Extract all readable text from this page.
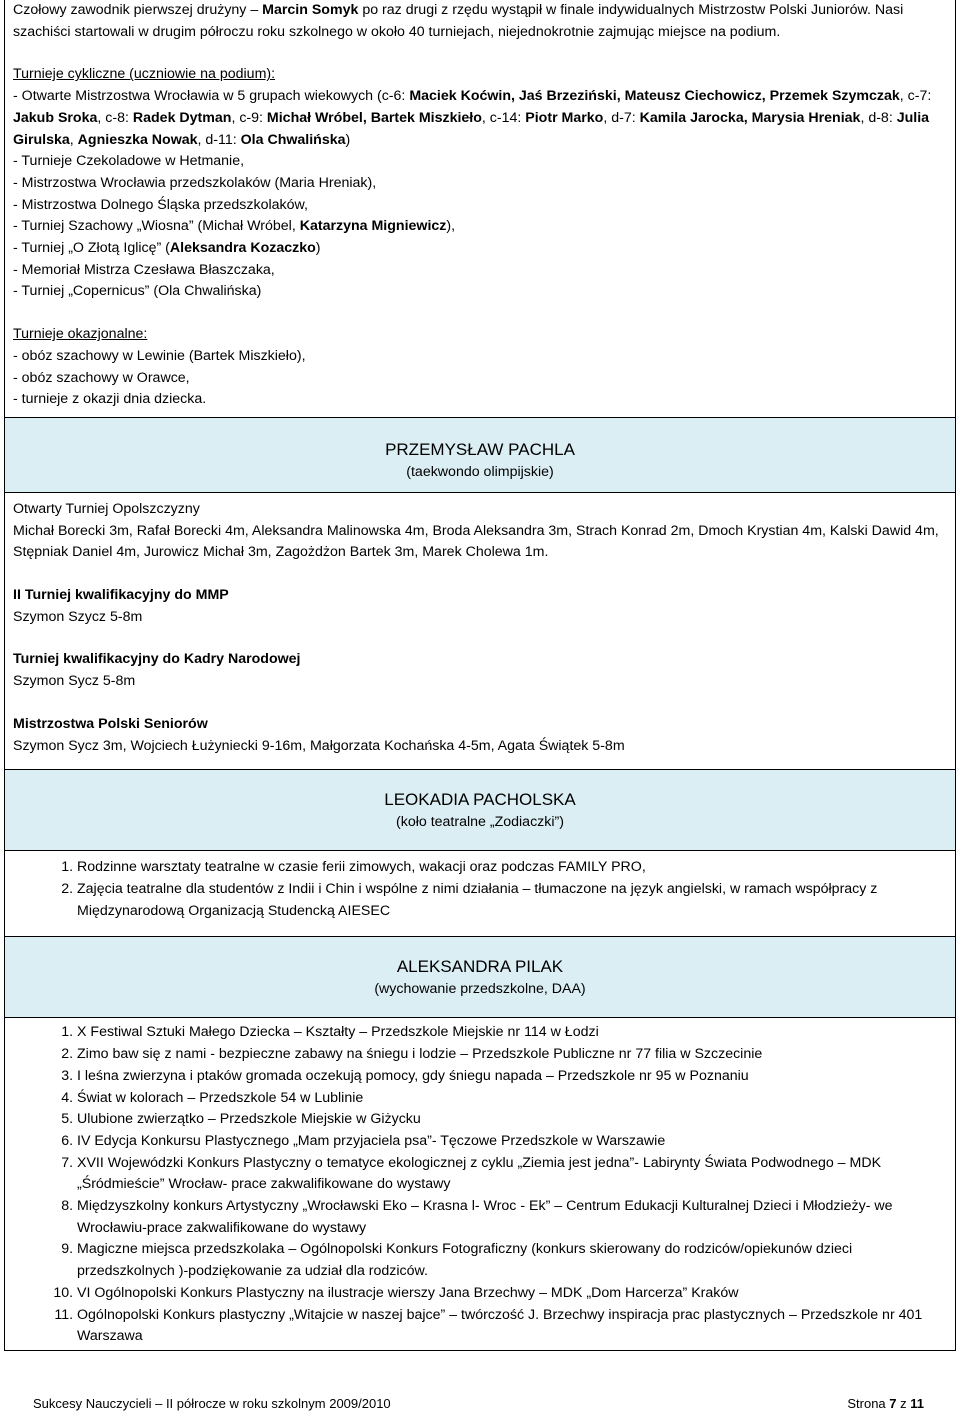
Czołowy zawodnik pierwszej drużyny – Marcin Somyk po raz drugi z rzędu wystąpił w finale indywidualnych Mistrzostw Polski Juniorów. Nasi szachiści startowali w drugim półroczu roku szkolnego w około 40 turniejach, niejednokrotnie zajmując miejsce na podium.

Turnieje cykliczne (uczniowie na podium):

- Otwarte Mistrzostwa Wrocławia w 5 grupach wiekowych (c-6: Maciek Koćwin, Jaś Brzeziński, Mateusz Ciechowicz, Przemek Szymczak, c-7: Jakub Sroka, c-8: Radek Dytman, c-9: Michał Wróbel, Bartek Miszkieło, c-14: Piotr Marko, d-7: Kamila Jarocka, Marysia Hreniak, d-8: Julia Girulska, Agnieszka Nowak, d-11: Ola Chwalińska)

- Turnieje Czekoladowe w Hetmanie,

- Mistrzostwa Wrocławia przedszkolaków (Maria Hreniak),

- Mistrzostwa Dolnego Śląska przedszkolaków,

- Turniej Szachowy „Wiosna” (Michał Wróbel, Katarzyna Migniewicz),

- Turniej „O Złotą Iglicę” (Aleksandra Kozaczko)

- Memoriał Mistrza Czesława Błaszczaka,

- Turniej „Copernicus” (Ola Chwalińska)

Turnieje okazjonalne:

- obóz szachowy w Lewinie (Bartek Miszkieło),

- obóz szachowy w Orawce,

- turnieje z okazji dnia dziecka.

PRZEMYSŁAW PACHLA
(taekwondo olimpijskie)

Otwarty Turniej Opolszczyzny

Michał Borecki 3m, Rafał Borecki 4m, Aleksandra Malinowska 4m, Broda Aleksandra 3m, Strach Konrad 2m, Dmoch Krystian 4m, Kalski Dawid 4m, Stępniak Daniel 4m, Jurowicz Michał 3m, Zagożdżon Bartek 3m, Marek Cholewa 1m.

II Turniej kwalifikacyjny do MMP

Szymon Szycz 5-8m

Turniej kwalifikacyjny do Kadry Narodowej

Szymon Sycz 5-8m

Mistrzostwa Polski Seniorów

Szymon Sycz 3m, Wojciech Łużyniecki 9-16m, Małgorzata Kochańska 4-5m, Agata Świątek 5-8m

LEOKADIA PACHOLSKA
(koło teatralne „Zodiaczki”)
1. Rodzinne warsztaty teatralne w czasie ferii zimowych, wakacji oraz podczas FAMILY PRO,
2. Zajęcia teatralne dla studentów z Indii i Chin i wspólne z nimi działania – tłumaczone na język angielski, w ramach współpracy z Międzynarodową Organizacją Studencką AIESEC
ALEKSANDRA PILAK
(wychowanie przedszkolne, DAA)
1. X Festiwal Sztuki Małego Dziecka – Kształty – Przedszkole Miejskie nr 114 w Łodzi
2. Zimo baw się z nami - bezpieczne zabawy na śniegu i lodzie – Przedszkole Publiczne nr 77 filia w Szczecinie
3. I leśna zwierzyna i ptaków gromada oczekują pomocy, gdy śniegu napada – Przedszkole nr 95 w Poznaniu
4. Świat w kolorach – Przedszkole 54 w Lublinie
5. Ulubione zwierzątko – Przedszkole Miejskie w Giżycku
6. IV Edycja Konkursu Plastycznego „Mam przyjaciela psa”- Tęczowe Przedszkole w Warszawie
7. XVII Wojewódzki Konkurs Plastyczny o tematyce ekologicznej z cyklu „Ziemia jest jedna”- Labirynty Świata Podwodnego – MDK „Śródmieście” Wrocław- prace zakwalifikowane do wystawy
8. Międzyszkolny konkurs Artystyczny „Wrocławski Eko – Krasna l- Wroc - Ek” – Centrum Edukacji Kulturalnej Dzieci i Młodzieży- we Wrocławiu-prace zakwalifikowane do wystawy
9. Magiczne miejsca przedszkolaka – Ogólnopolski Konkurs Fotograficzny (konkurs skierowany do rodziców/opiekunów dzieci przedszkolnych )-podziękowanie za udział dla rodziców.
10. VI Ogólnopolski Konkurs Plastyczny na ilustracje wierszy Jana Brzechwy – MDK „Dom Harcerza” Kraków
11. Ogólnopolski Konkurs plastyczny „Witajcie w naszej bajce” – twórczość J. Brzechwy inspiracja prac plastycznych – Przedszkole nr 401 Warszawa
Sukcesy Nauczycieli – II półrocze w roku szkolnym 2009/2010	Strona 7 z 11
